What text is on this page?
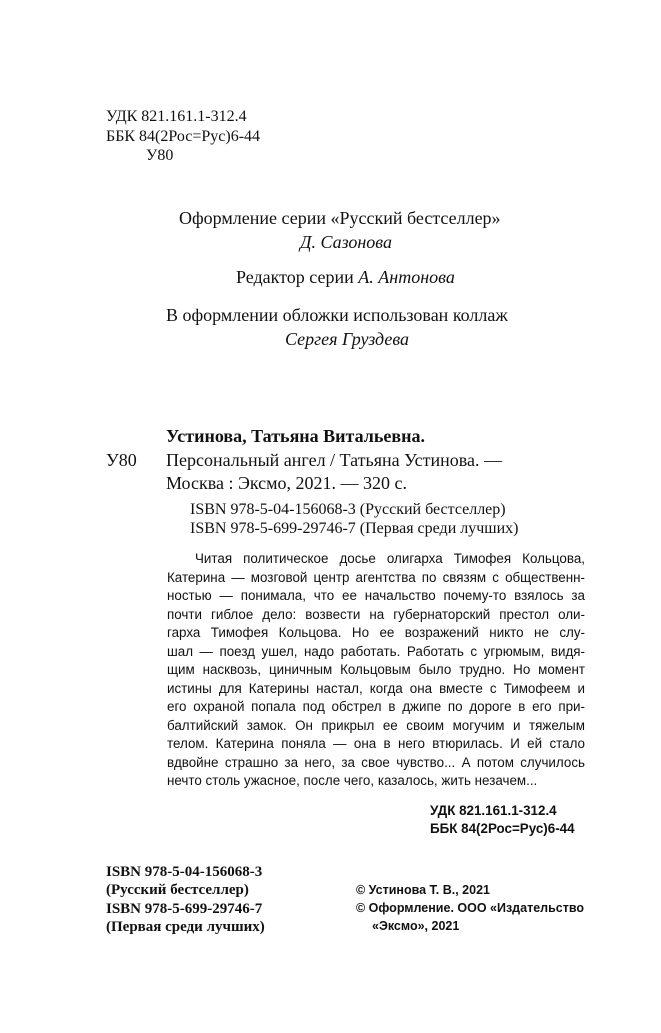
УДК 821.161.1-312.4
ББК 84(2Рос=Рус)6-44
У80
Оформление серии «Русский бестселлер»
Д. Сазонова
Редактор серии А. Антонова
В оформлении обложки использован коллаж
Сергея Груздева
Устинова, Татьяна Витальевна.
У80 Персональный ангел / Татьяна Устинова. —
Москва : Эксмо, 2021. — 320 с.
ISBN 978-5-04-156068-3 (Русский бестселлер)
ISBN 978-5-699-29746-7 (Первая среди лучших)
Читая политическое досье олигарха Тимофея Кольцова,
Катерина — мозговой центр агентства по связям с общественн-
ностью — понимала, что ее начальство почему-то взялось за
почти гиблое дело: возвести на губернаторский престол оли-
гарха Тимофея Кольцова. Но ее возражений никто не слу-
шал — поезд ушел, надо работать. Работать с угрюмым, видя-
щим насквозь, циничным Кольцовым было трудно. Но момент
истины для Катерины настал, когда она вместе с Тимофеем и
его охраной попала под обстрел в джипе по дороге в его при-
балтийский замок. Он прикрыл ее своим могучим и тяжелым
телом. Катерина поняла — она в него втюрилась. И ей стало
вдвойне страшно за него, за свое чувство... А потом случилось
нечто столь ужасное, после чего, казалось, жить незачем...
УДК 821.161.1-312.4
ББК 84(2Рос=Рус)6-44
ISBN 978-5-04-156068-3
(Русский бестселлер)
ISBN 978-5-699-29746-7
(Первая среди лучших)
© Устинова Т. В., 2021
© Оформление. ООО «Издательство
«Эксмо», 2021
